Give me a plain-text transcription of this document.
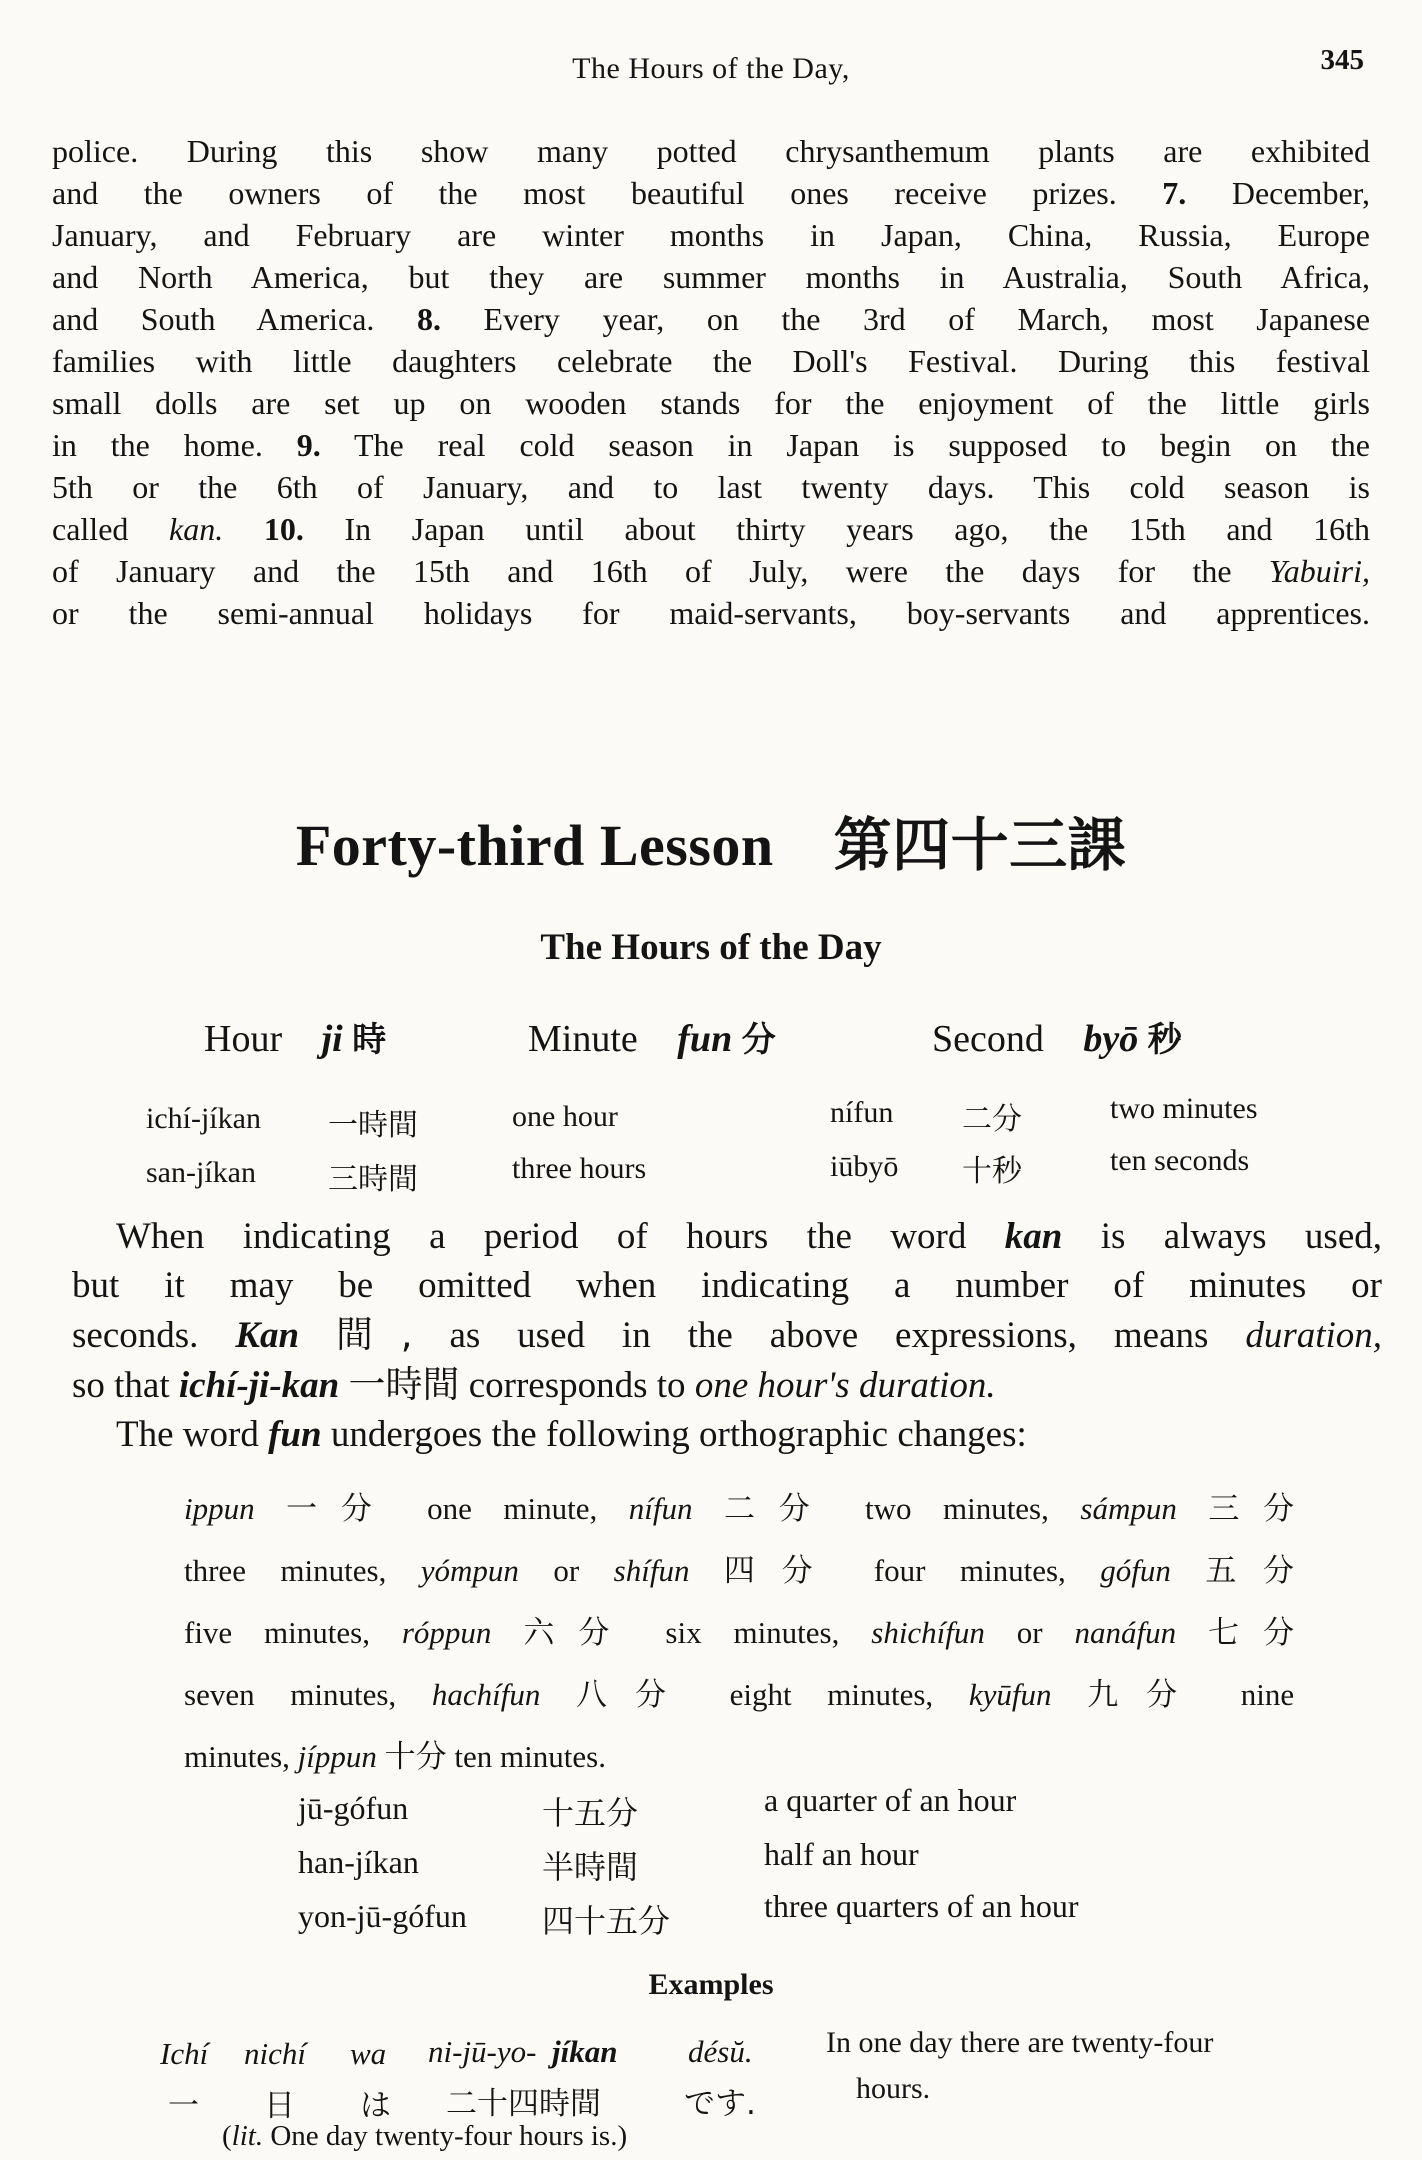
The Hours of the Day,	345
police. During this show many potted chrysanthemum plants are exhibited
and the owners of the most beautiful ones receive prizes. 7. December,
January, and February are winter months in Japan, China, Russia, Europe
and North America, but they are summer months in Australia, South Africa,
and South America. 8. Every year, on the 3rd of March, most Japanese
families with little daughters celebrate the Doll's Festival. During this festival
small dolls are set up on wooden stands for the enjoyment of the little girls
in the home. 9. The real cold season in Japan is supposed to begin on the
5th or the 6th of January, and to last twenty days. This cold season is
called kan. 10. In Japan until about thirty years ago, the 15th and 16th
of January and the 15th and 16th of July, were the days for the Yabuiri,
or the semi-annual holidays for maid-servants, boy-servants and apprentices.
Forty-third Lesson 第四十三課
The Hours of the Day
Hour ji 時	Minute fun 分	Second byō 秒
ichí-jíkan 一時間	one hour	nífun 二分	two minutes
san-jíkan 三時間	three hours	iūbyō 十秒	ten seconds
When indicating a period of hours the word kan is always used,
but it may be omitted when indicating a number of minutes or
seconds. Kan 間, as used in the above expressions, means duration,
so that ichí-ji-kan 一時間 corresponds to one hour's duration.
The word fun undergoes the following orthographic changes:
ippun 一分 one minute, nífun 二分 two minutes, sámpun 三分
three minutes, yómpun or shífun 四分 four minutes, gófun 五分
five minutes, róppun 六分 six minutes, shichífun or nanáfun 七分
seven minutes, hachífun 八分 eight minutes, kyūfun 九分 nine
minutes, jíppun 十分 ten minutes.
jū-gófun	十五分	a quarter of an hour
han-jíkan	半時間	half an hour
yon-jū-gófun 四十五分	three quarters of an hour
Examples
Ichí nichí wa ni-jū-yo- jíkan désŭ.
一 日 は 二十四時間	です.
In one day there are twenty-four
hours.
(lit. One day twenty-four hours is.)
